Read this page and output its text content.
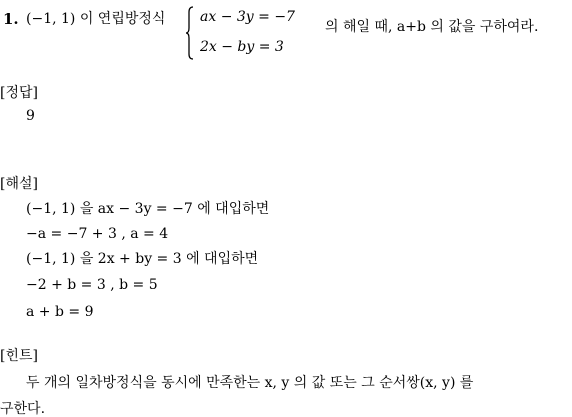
1. (−1, 1) 이 연립방정식 ax − 3y = −7
2x − by = 3
의 해일 때, a+b 의 값을 구하여라.
[정답]
9
[해설]
(−1, 1) 을 ax − 3y = −7 에 대입하면
−a = −7 + 3 , a = 4
(−1, 1) 을 2x + by = 3 에 대입하면
−2 + b = 3 , b = 5
a + b = 9
[힌트]
두 개의 일차방정식을 동시에 만족한는 x, y 의 값 또는 그 순서쌍(x, y) 를
구한다.
